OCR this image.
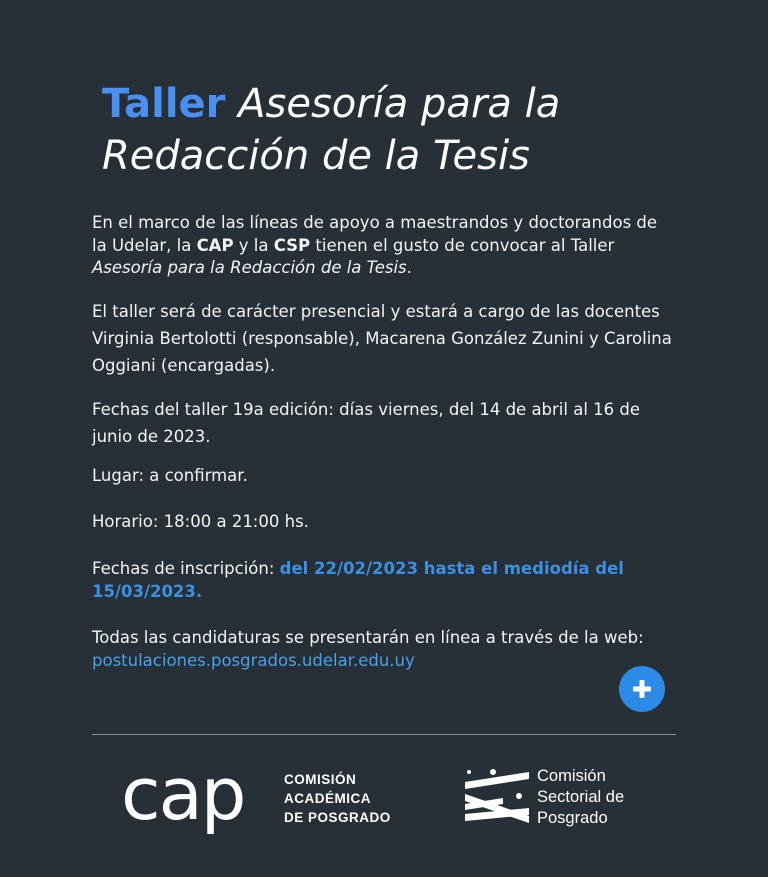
Taller Asesoría para la Redacción de la Tesis

En el marco de las líneas de apoyo a maestrandos y doctorandos de la Udelar, la CAP y la CSP tienen el gusto de convocar al Taller Asesoría para la Redacción de la Tesis.

El taller será de carácter presencial y estará a cargo de las docentes Virginia Bertolotti (responsable), Macarena González Zunini y Carolina Oggiani (encargadas).

Fechas del taller 19a edición: días viernes, del 14 de abril al 16 de junio de 2023.

Lugar: a confirmar.

Horario: 18:00 a 21:00 hs.

Fechas de inscripción: del 22/02/2023 hasta el mediodía del 15/03/2023.

Todas las candidaturas se presentarán en línea a través de la web: postulaciones.posgrados.udelar.edu.uy

cap	COMISIÓN
ACADÉMICA
DE POSGRADO
Comisión
Sectorial de
Posgrado
